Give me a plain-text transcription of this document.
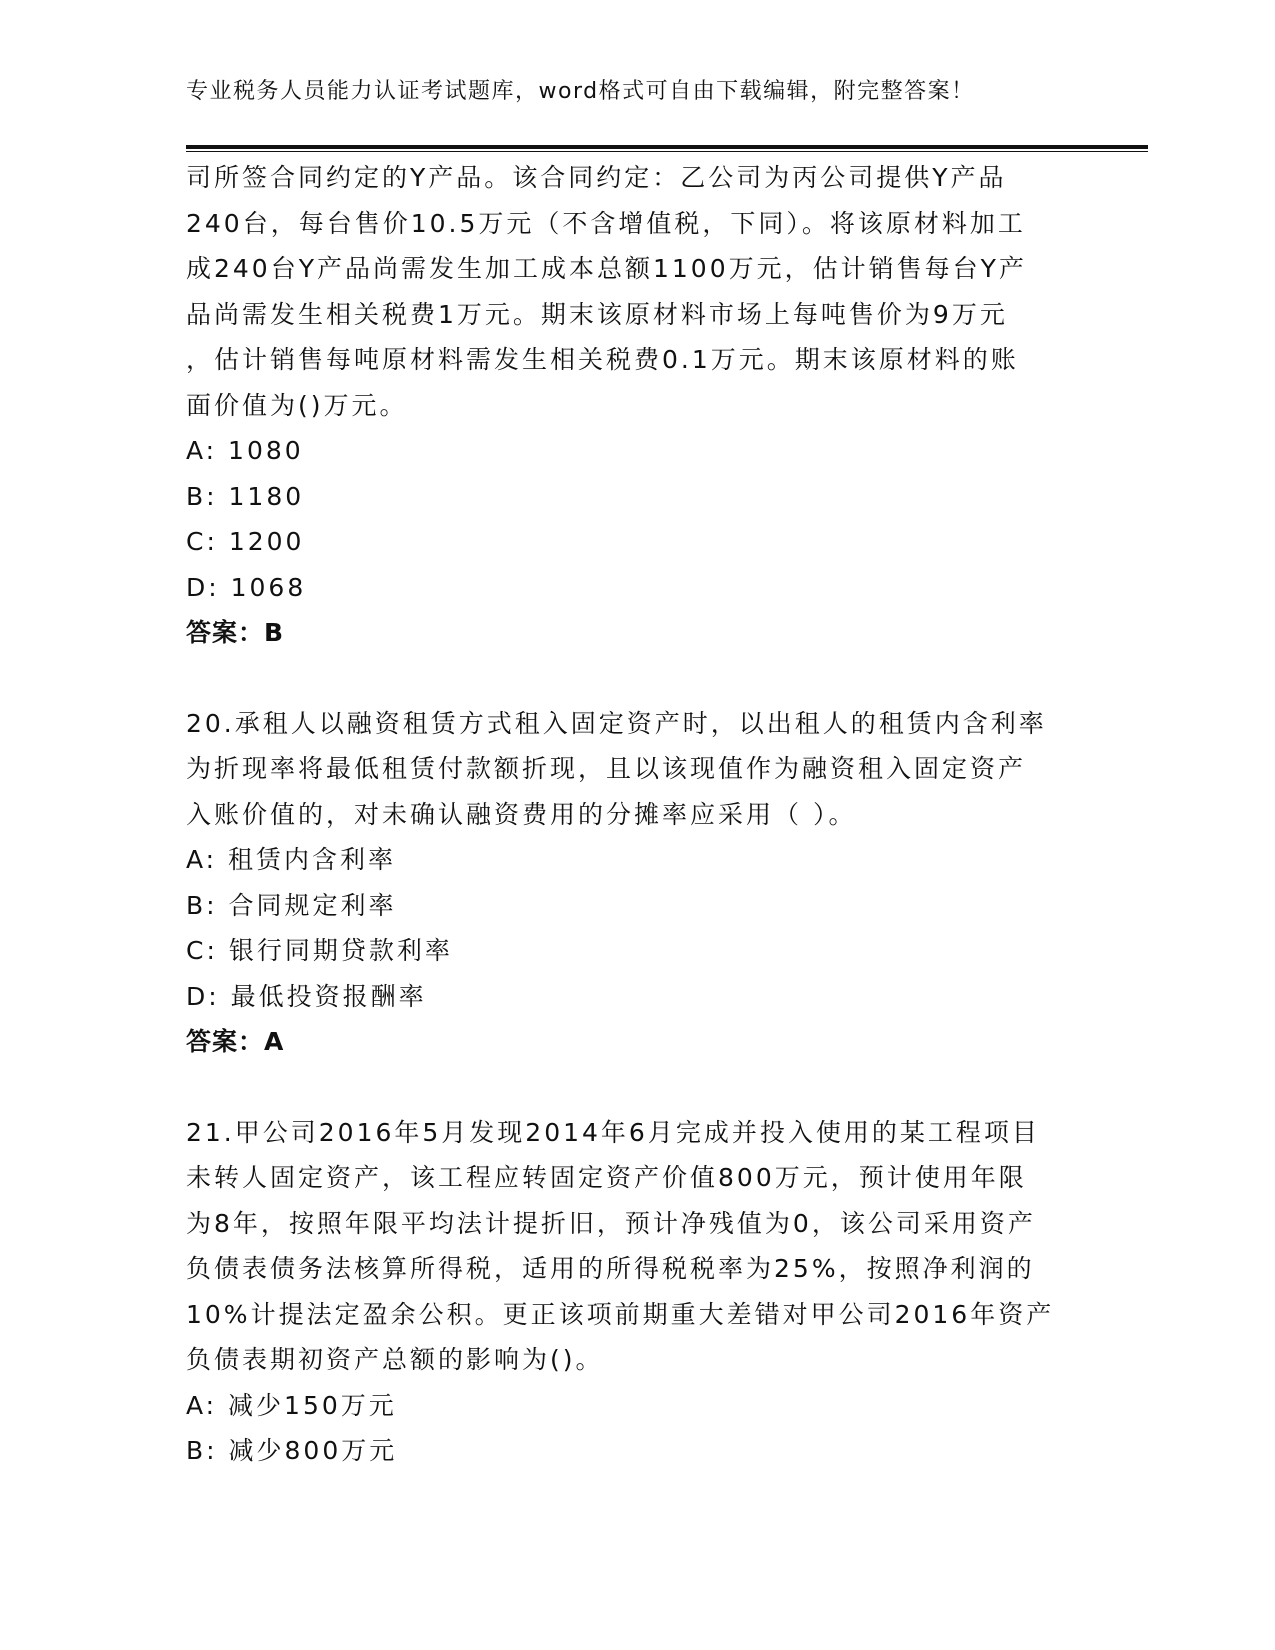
专业税务人员能力认证考试题库，word格式可自由下载编辑，附完整答案！
司所签合同约定的Y产品。该合同约定：乙公司为丙公司提供Y产品
240台，每台售价10.5万元（不含增值税，下同）。将该原材料加工
成240台Y产品尚需发生加工成本总额1100万元，估计销售每台Y产
品尚需发生相关税费1万元。期末该原材料市场上每吨售价为9万元
，估计销售每吨原材料需发生相关税费0.1万元。期末该原材料的账
面价值为()万元。
A: 1080
B: 1180
C: 1200
D: 1068
答案：B
20.承租人以融资租赁方式租入固定资产时，以出租人的租赁内含利率
为折现率将最低租赁付款额折现，且以该现值作为融资租入固定资产
入账价值的，对未确认融资费用的分摊率应采用（ ）。
A: 租赁内含利率
B: 合同规定利率
C: 银行同期贷款利率
D: 最低投资报酬率
答案：A
21.甲公司2016年5月发现2014年6月完成并投入使用的某工程项目
未转人固定资产，该工程应转固定资产价值800万元，预计使用年限
为8年，按照年限平均法计提折旧，预计净残值为0，该公司采用资产
负债表债务法核算所得税，适用的所得税税率为25%，按照净利润的
10%计提法定盈余公积。更正该项前期重大差错对甲公司2016年资产
负债表期初资产总额的影响为()。
A: 减少150万元
B: 减少800万元
